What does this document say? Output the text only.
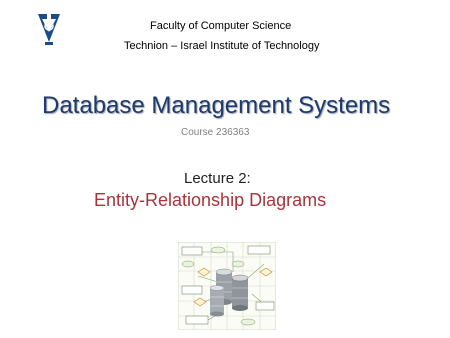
Faculty of Computer Science
Technion – Israel Institute of Technology
Database Management Systems
Course 236363
Lecture 2:
Entity-Relationship Diagrams
